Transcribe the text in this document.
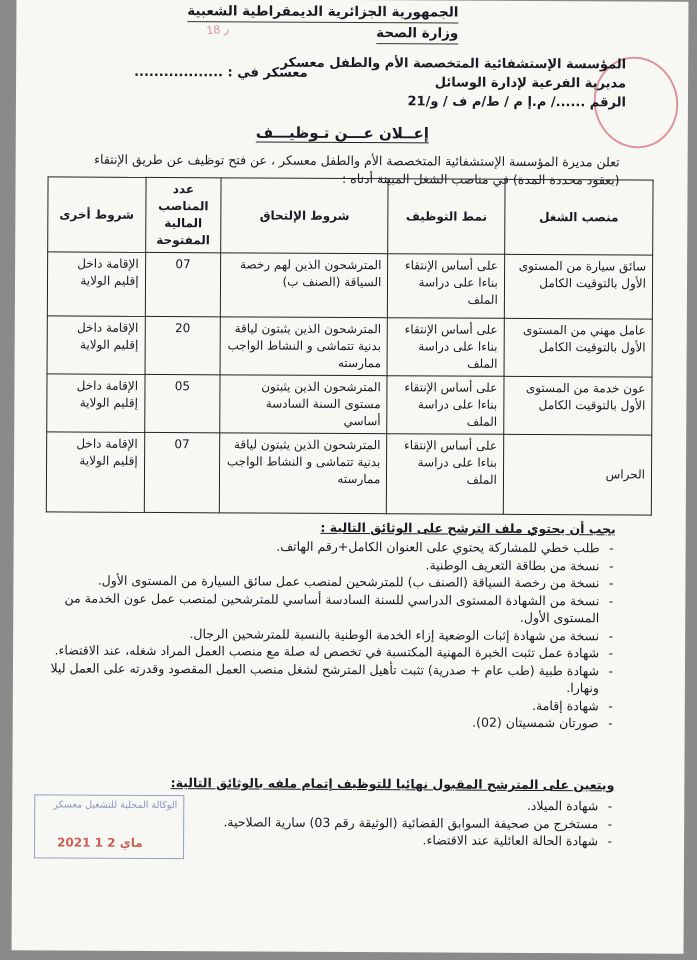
الجمهورية الجزائرية الديمقراطية الشعبية
وزارة الصحة
ر 18
المؤسسة الإستشفائية المتخصصة الأم والطفل معسكر
مديرية الفرعية لإدارة الوسائل
الرقم ....../ م.إ م / ط/م ف / و/21
معسكر في : ..................
إعــلان عـــن تـوظيـــف
تعلن مديرة المؤسسة الإستشفائية المتخصصة الأم والطفل معسكر ، عن فتح توظيف عن طريق الإنتقاء
(بعقود محددة المدة) في مناصب الشغل المبينة أدناه :
منصب الشغل	نمط التوظيف	شروط الإلتحاق	عدد المناصب المالية المفتوحة	شروط أخرى
سائق سيارة من المستوى الأول بالتوقيت الكامل	على أساس الإنتقاء بناءا على دراسة الملف	المترشحون الذين لهم رخصة السياقة (الصنف ب)	07	الإقامة داخل إقليم الولاية
عامل مهني من المستوى الأول بالتوقيت الكامل	على أساس الإنتقاء بناءا على دراسة الملف	المترشحون الذين يثبتون لياقة بدنية تتماشى و النشاط الواجب ممارسته	20	الإقامة داخل إقليم الولاية
عون خدمة من المستوى الأول بالتوقيت الكامل	على أساس الإنتقاء بناءا على دراسة الملف	المترشحون الذين يثبتون مستوى السنة السادسة أساسي	05	الإقامة داخل إقليم الولاية
الحراس	على أساس الإنتقاء بناءا على دراسة الملف	المترشحون الذين يثبتون لياقة بدنية تتماشى و النشاط الواجب ممارسته	07	الإقامة داخل إقليم الولاية
يجب أن يحتوي ملف الترشح على الوثائق التالية :
- طلب خطي للمشاركة يحتوي على العنوان الكامل+رقم الهاتف.
- نسخة من بطاقة التعريف الوطنية.
- نسخة من رخصة السياقة (الصنف ب) للمترشحين لمنصب عمل سائق السيارة من المستوى الأول.
- نسخة من الشهادة المستوى الدراسي للسنة السادسة أساسي للمترشحين لمنصب عمل عون الخدمة من المستوى الأول.
- نسخة من شهادة إثبات الوضعية إزاء الخدمة الوطنية بالنسبة للمترشحين الرجال.
- شهادة عمل تثبت الخبرة المهنية المكتسبة في تخصص له صلة مع منصب العمل المراد شغله، عند الاقتضاء.
- شهادة طبية (طب عام + صدرية) تثبت تأهيل المترشح لشغل منصب العمل المقصود وقدرته على العمل ليلا ونهارا.
- شهادة إقامة.
- صورتان شمسيتان (02).
ويتعين على المترشح المقبول نهائيا للتوظيف إتمام ملفه بالوثائق التالية:
- شهادة الميلاد.
- مستخرج من صحيفة السوابق القضائية (الوثيقة رقم 03) سارية الصلاحية.
- شهادة الحالة العائلية عند الاقتضاء.
الوكالة المحلية للتشغيل معسكر
2021 ماي 2 1
